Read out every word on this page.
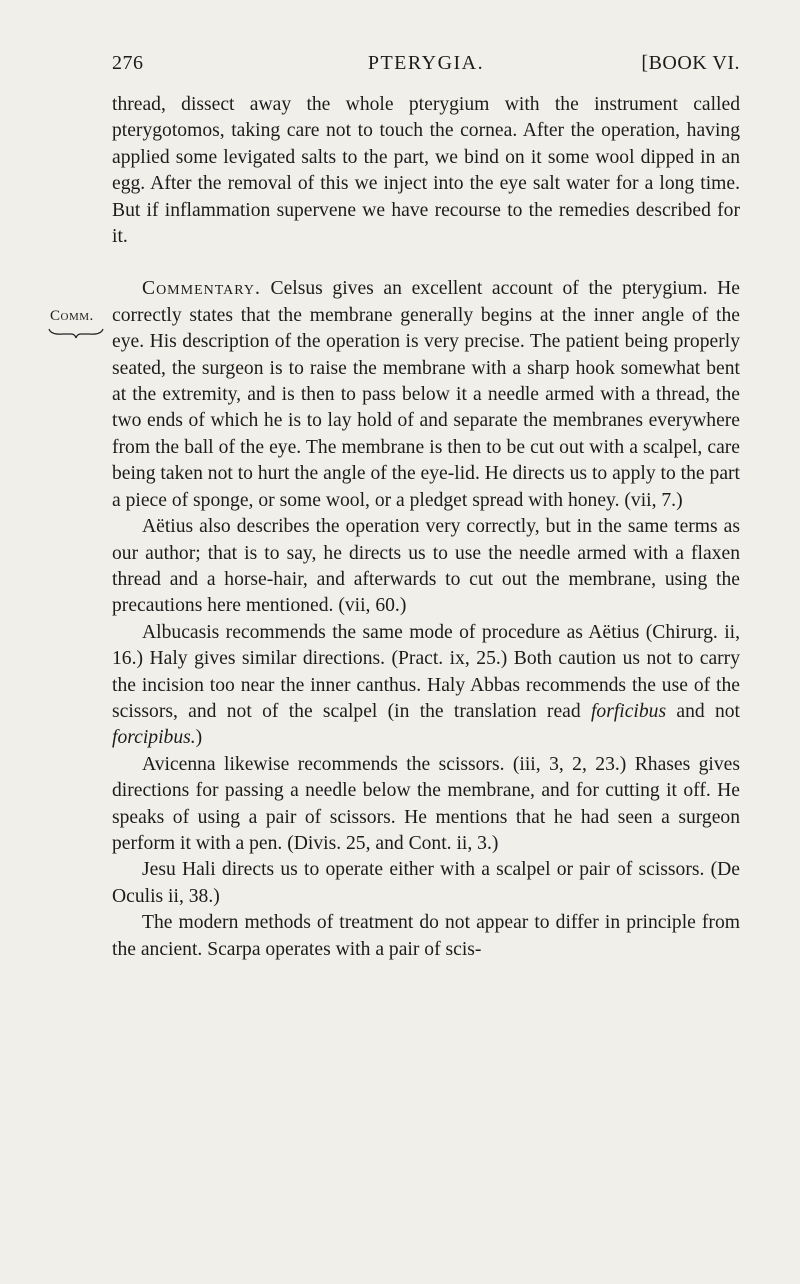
276	PTERYGIA.	[BOOK VI.
Comm.

thread, dissect away the whole pterygium with the instrument called pterygotomos, taking care not to touch the cornea. After the operation, having applied some levigated salts to the part, we bind on it some wool dipped in an egg. After the removal of this we inject into the eye salt water for a long time. But if inflammation supervene we have recourse to the remedies described for it.

Commentary. Celsus gives an excellent account of the pterygium. He correctly states that the membrane generally begins at the inner angle of the eye. His description of the operation is very precise. The patient being properly seated, the surgeon is to raise the membrane with a sharp hook somewhat bent at the extremity, and is then to pass below it a needle armed with a thread, the two ends of which he is to lay hold of and separate the membranes everywhere from the ball of the eye. The membrane is then to be cut out with a scalpel, care being taken not to hurt the angle of the eye-lid. He directs us to apply to the part a piece of sponge, or some wool, or a pledget spread with honey. (vii, 7.)

Aëtius also describes the operation very correctly, but in the same terms as our author; that is to say, he directs us to use the needle armed with a flaxen thread and a horse-hair, and afterwards to cut out the membrane, using the precautions here mentioned. (vii, 60.)

Albucasis recommends the same mode of procedure as Aëtius (Chirurg. ii, 16.) Haly gives similar directions. (Pract. ix, 25.) Both caution us not to carry the incision too near the inner canthus. Haly Abbas recommends the use of the scissors, and not of the scalpel (in the translation read forficibus and not forcipibus.)

Avicenna likewise recommends the scissors. (iii, 3, 2, 23.) Rhases gives directions for passing a needle below the membrane, and for cutting it off. He speaks of using a pair of scissors. He mentions that he had seen a surgeon perform it with a pen. (Divis. 25, and Cont. ii, 3.)

Jesu Hali directs us to operate either with a scalpel or pair of scissors. (De Oculis ii, 38.)

The modern methods of treatment do not appear to differ in principle from the ancient. Scarpa operates with a pair of scis-
